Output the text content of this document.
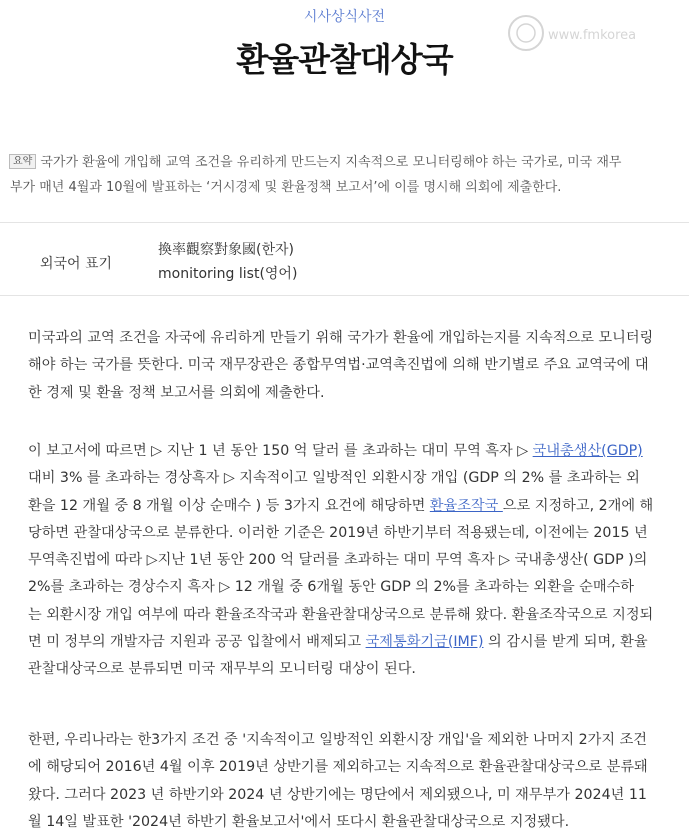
시사상식사전
환율관찰대상국
www.fmkorea
요약 국가가 환율에 개입해 교역 조건을 유리하게 만드는지 지속적으로 모니터링해야 하는 국가로, 미국 재무
부가 매년 4월과 10월에 발표하는 ‘거시경제 및 환율정책 보고서’에 이를 명시해 의회에 제출한다.
외국어 표기
換率觀察對象國(한자)
monitoring list(영어)
미국과의 교역 조건을 자국에 유리하게 만들기 위해 국가가 환율에 개입하는지를 지속적으로 모니터링
해야 하는 국가를 뜻한다. 미국 재무장관은 종합무역법·교역촉진법에 의해 반기별로 주요 교역국에 대
한 경제 및 환율 정책 보고서를 의회에 제출한다.
이 보고서에 따르면 ▷ 지난 1 년 동안 150 억 달러 를 초과하는 대미 무역 흑자 ▷ 국내총생산(GDP)
대비 3% 를 초과하는 경상흑자 ▷ 지속적이고 일방적인 외환시장 개입 (GDP 의 2% 를 초과하는 외
환을 12 개월 중 8 개월 이상 순매수 ) 등 3가지 요건에 해당하면 환율조작국 으로 지정하고, 2개에 해
당하면 관찰대상국으로 분류한다. 이러한 기준은 2019년 하반기부터 적용됐는데, 이전에는 2015 년
무역촉진법에 따라 ▷지난 1년 동안 200 억 달러를 초과하는 대미 무역 흑자 ▷ 국내총생산( GDP )의
2%를 초과하는 경상수지 흑자 ▷ 12 개월 중 6개월 동안 GDP 의 2%를 초과하는 외환을 순매수하
는 외환시장 개입 여부에 따라 환율조작국과 환율관찰대상국으로 분류해 왔다. 환율조작국으로 지정되
면 미 정부의 개발자금 지원과 공공 입찰에서 배제되고 국제통화기금(IMF) 의 감시를 받게 되며, 환율
관찰대상국으로 분류되면 미국 재무부의 모니터링 대상이 된다.
한편, 우리나라는 한3가지 조건 중 '지속적이고 일방적인 외환시장 개입'을 제외한 나머지 2가지 조건
에 해당되어 2016년 4월 이후 2019년 상반기를 제외하고는 지속적으로 환율관찰대상국으로 분류돼
왔다. 그러다 2023 년 하반기와 2024 년 상반기에는 명단에서 제외됐으나, 미 재무부가 2024년 11
월 14일 발표한 '2024년 하반기 환율보고서'에서 또다시 환율관찰대상국으로 지정됐다.
